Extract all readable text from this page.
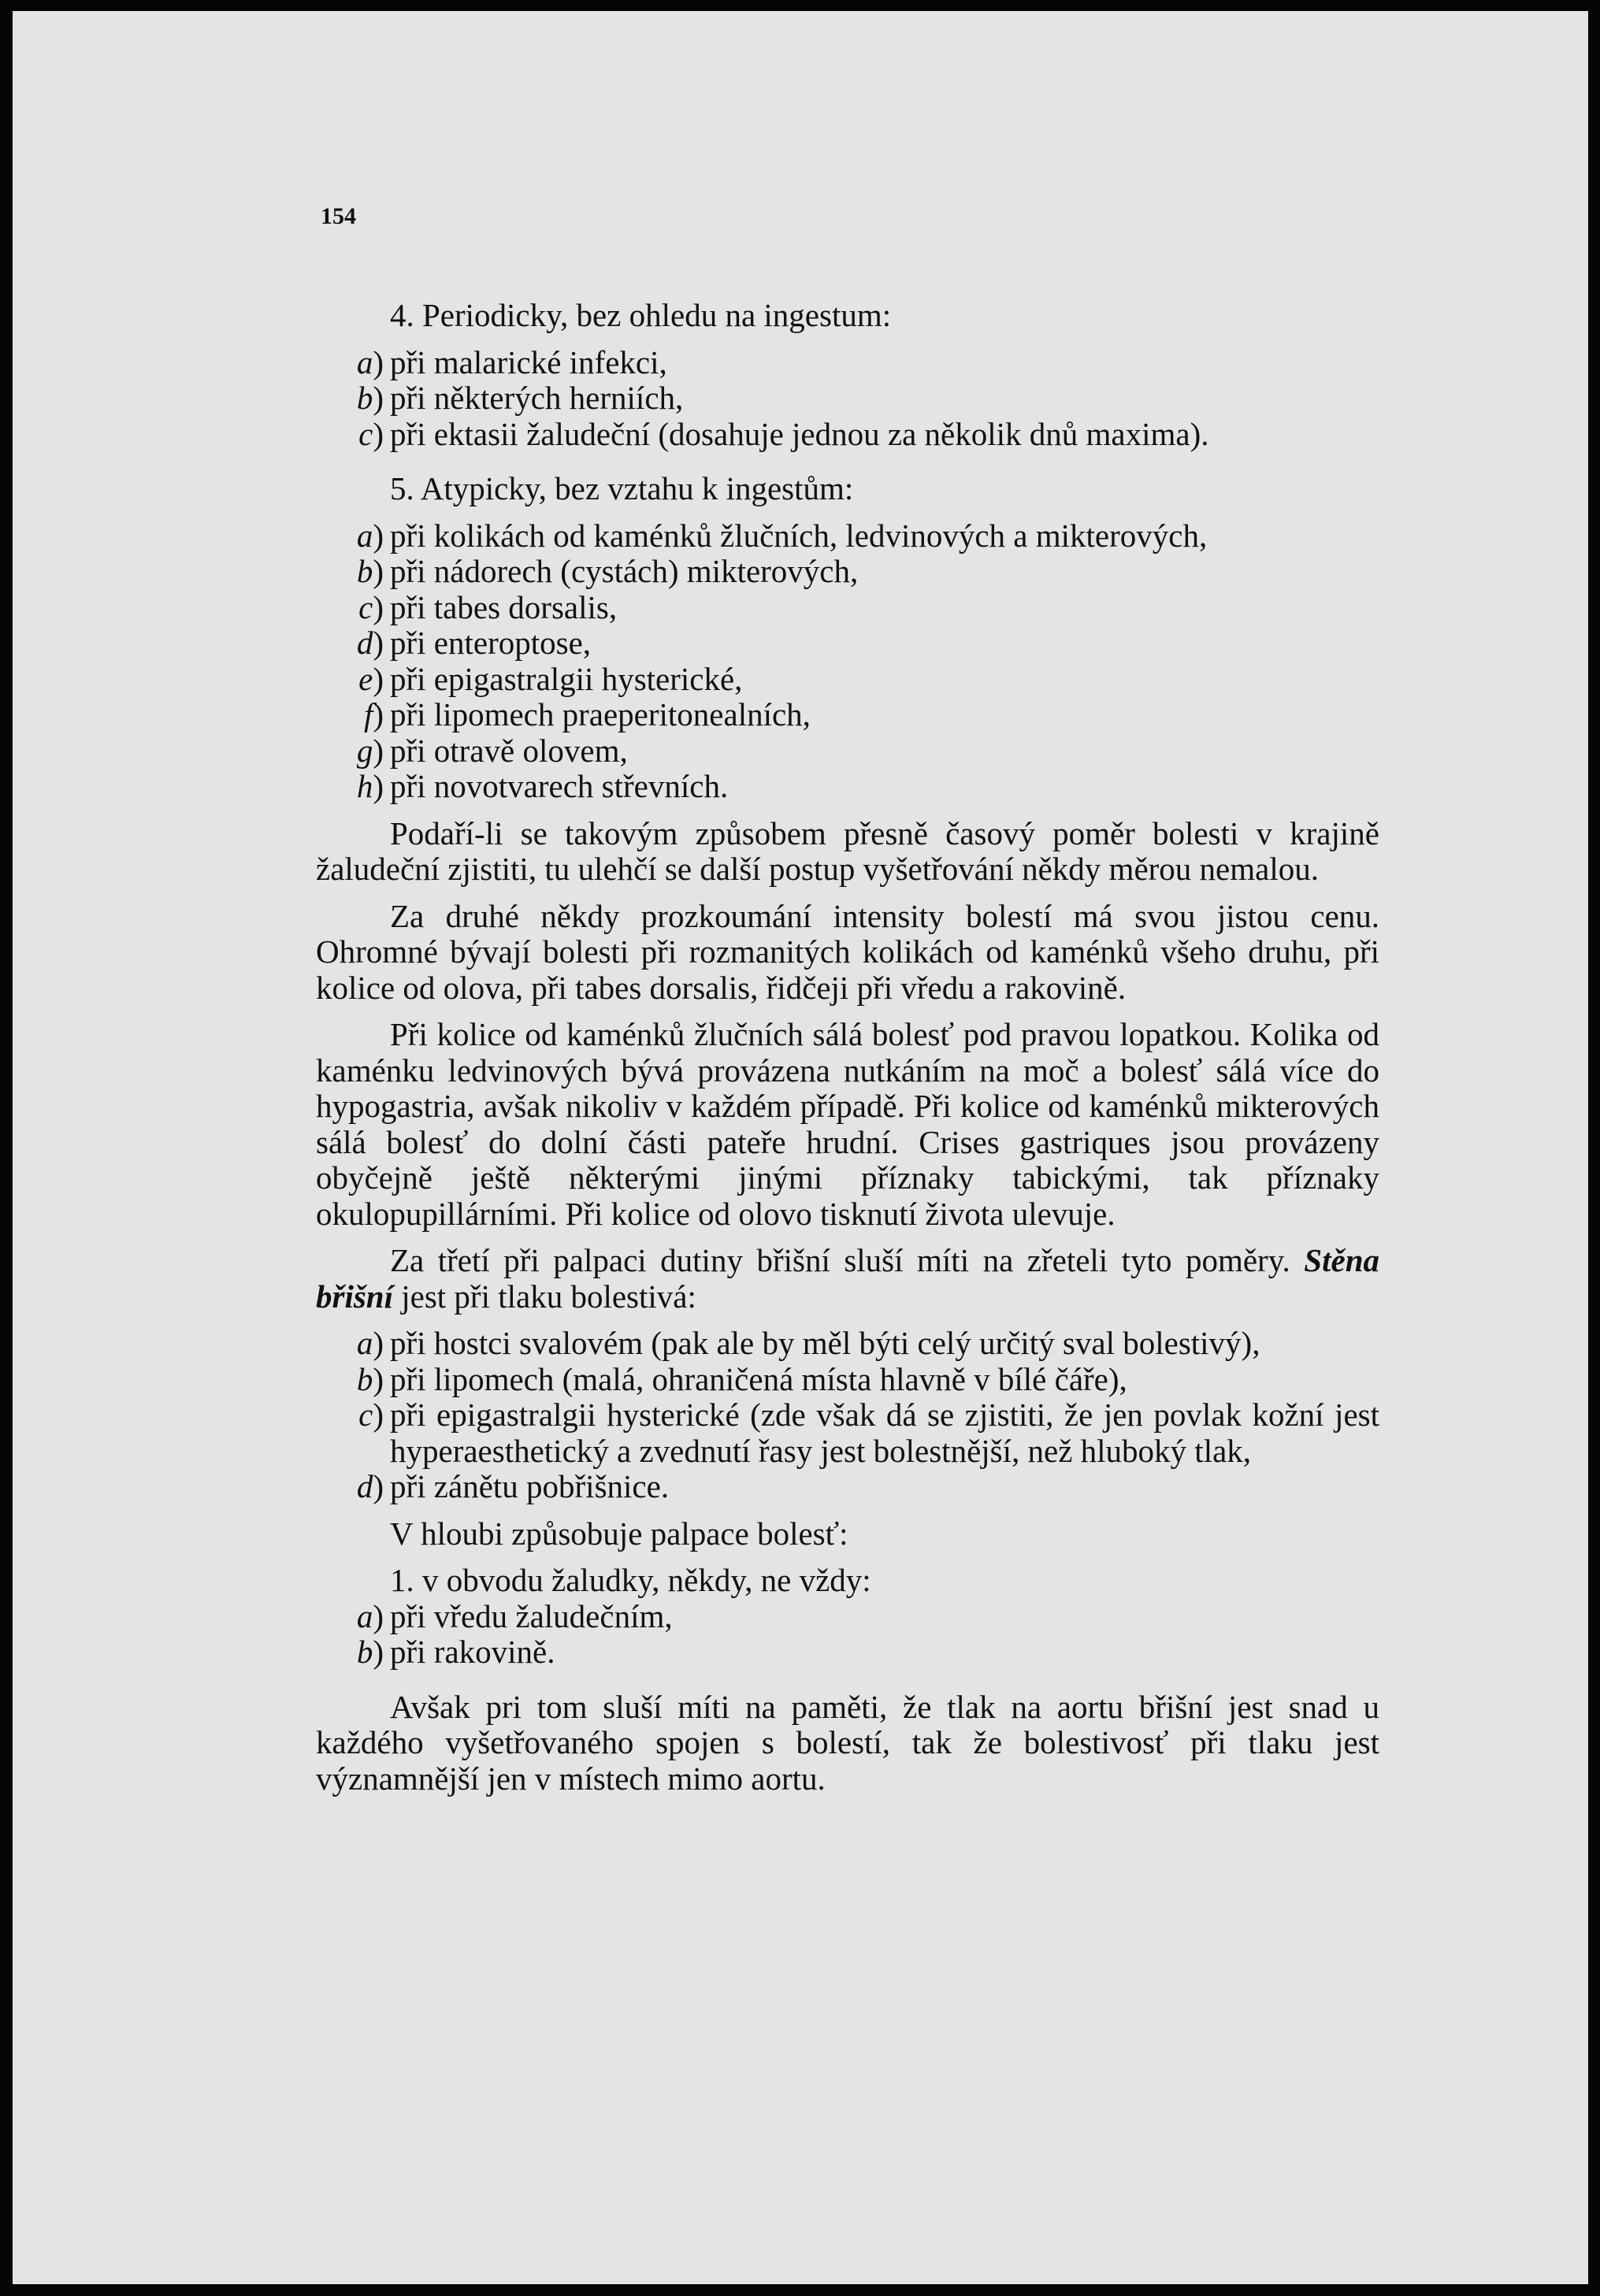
154
4. Periodicky, bez ohledu na ingestum:
a) při malarické infekci,
b) při některých herniích,
c) při ektasii žaludeční (dosahuje jednou za několik dnů maxima).
5. Atypicky, bez vztahu k ingestům:
a) při kolikách od kaménků žlučních, ledvinových a mikterových,
b) při nádorech (cystách) mikterových,
c) při tabes dorsalis,
d) při enteroptose,
e) při epigastralgii hysterické,
f) při lipomech praeperitonealních,
g) při otravě olovem,
h) při novotvarech střevních.

Podaří-li se takovým způsobem přesně časový poměr bolesti v krajině žaludeční zjistiti, tu ulehčí se další postup vyšetřování někdy měrou nemalou.

Za druhé někdy prozkoumání intensity bolestí má svou jistou cenu. Ohromné bývají bolesti při rozmanitých kolikách od kaménků všeho druhu, při kolice od olova, při tabes dorsalis, řidčeji při vředu a rakovině.

Při kolice od kaménků žlučních sálá bolesť pod pravou lopatkou. Kolika od kaménku ledvinových bývá provázena nutkáním na moč a bolesť sálá více do hypogastria, avšak nikoliv v každém případě. Při kolice od kaménků mikterových sálá bolesť do dolní části pateře hrudní. Crises gastriques jsou provázeny obyčejně ještě některými jinými příznaky tabickými, tak příznaky okulopupillárními. Při kolice od olovo tisknutí života ulevuje.

Za třetí při palpaci dutiny břišní sluší míti na zřeteli tyto poměry. Stěna břišní jest při tlaku bolestivá:

a) při hostci svalovém (pak ale by měl býti celý určitý sval bolestivý),
b) při lipomech (malá, ohraničená místa hlavně v bílé čáře),
c) při epigastralgii hysterické (zde však dá se zjistiti, že jen povlak kožní jest hyperaesthetický a zvednutí řasy jest bolestnější, než hluboký tlak,
d) při zánětu pobřišnice.
V hloubi způsobuje palpace bolesť:
1. v obvodu žaludky, někdy, ne vždy:
a) při vředu žaludečním,
b) při rakovině.

Avšak pri tom sluší míti na paměti, že tlak na aortu břišní jest snad u každého vyšetřovaného spojen s bolestí, tak že bolestivosť při tlaku jest významnější jen v místech mimo aortu.
